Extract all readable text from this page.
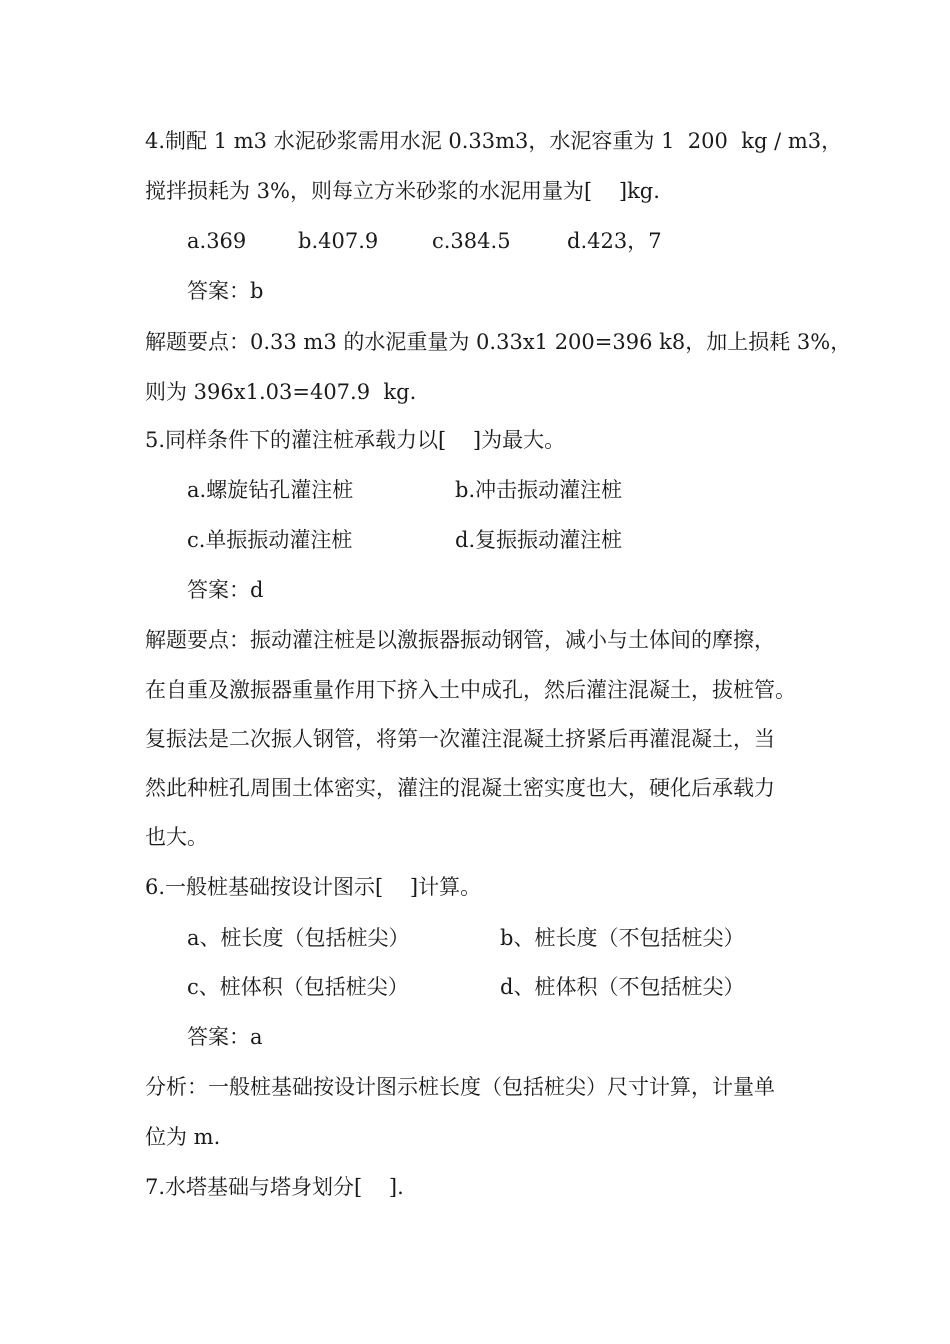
4.制配 1 m3 水泥砂浆需用水泥 0.33m3，水泥容重为 1  200  kg / m3，
搅拌损耗为 3%，则每立方米砂浆的水泥用量为[    ]kg.
a.369 b.407.9	c.384.5	d.423，7
答案：b
解题要点：0.33 m3 的水泥重量为 0.33x1 200=396 k8，加上损耗 3%，
则为 396x1.03=407.9  kg.
5.同样条件下的灌注桩承载力以[    ]为最大。
a.螺旋钻孔灌注桩	b.冲击振动灌注桩
c.单振振动灌注桩	d.复振振动灌注桩
答案：d
解题要点：振动灌注桩是以激振器振动钢管，减小与土体间的摩擦，
在自重及激振器重量作用下挤入土中成孔，然后灌注混凝土，拔桩管。
复振法是二次振人钢管，将第一次灌注混凝土挤紧后再灌混凝土，当
然此种桩孔周围土体密实，灌注的混凝土密实度也大，硬化后承载力
也大。
6.一般桩基础按设计图示[    ]计算。
a、桩长度（包括桩尖）	b、桩长度（不包括桩尖）
c、桩体积（包括桩尖）	d、桩体积（不包括桩尖）
答案：a
分析：一般桩基础按设计图示桩长度（包括桩尖）尺寸计算，计量单
位为 m.
7.水塔基础与塔身划分[    ].
